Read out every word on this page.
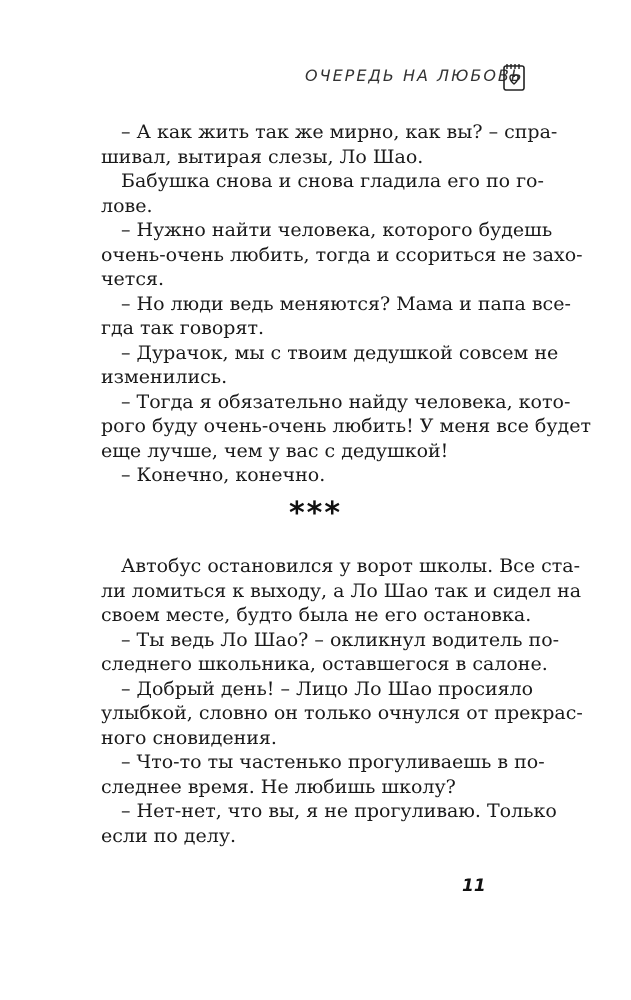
ОЧЕРЕДЬ НА ЛЮБОВЬ
– А как жить так же мирно, как вы? – спра-
шивал, вытирая слезы, Ло Шао.
Бабушка снова и снова гладила его по го-
лове.
– Нужно найти человека, которого будешь
очень-очень любить, тогда и ссориться не захо-
чется.
– Но люди ведь меняются? Мама и папа все-
гда так говорят.
– Дурачок, мы с твоим дедушкой совсем не
изменились.
– Тогда я обязательно найду человека, кото-
рого буду очень-очень любить! У меня все будет
еще лучше, чем у вас с дедушкой!
– Конечно, конечно.
***
Автобус остановился у ворот школы. Все ста-
ли ломиться к выходу, а Ло Шао так и сидел на
своем месте, будто была не его остановка.
– Ты ведь Ло Шао? – окликнул водитель по-
следнего школьника, оставшегося в салоне.
– Добрый день! – Лицо Ло Шао просияло
улыбкой, словно он только очнулся от прекрас-
ного сновидения.
– Что-то ты частенько прогуливаешь в по-
следнее время. Не любишь школу?
– Нет-нет, что вы, я не прогуливаю. Только
если по делу.
11
